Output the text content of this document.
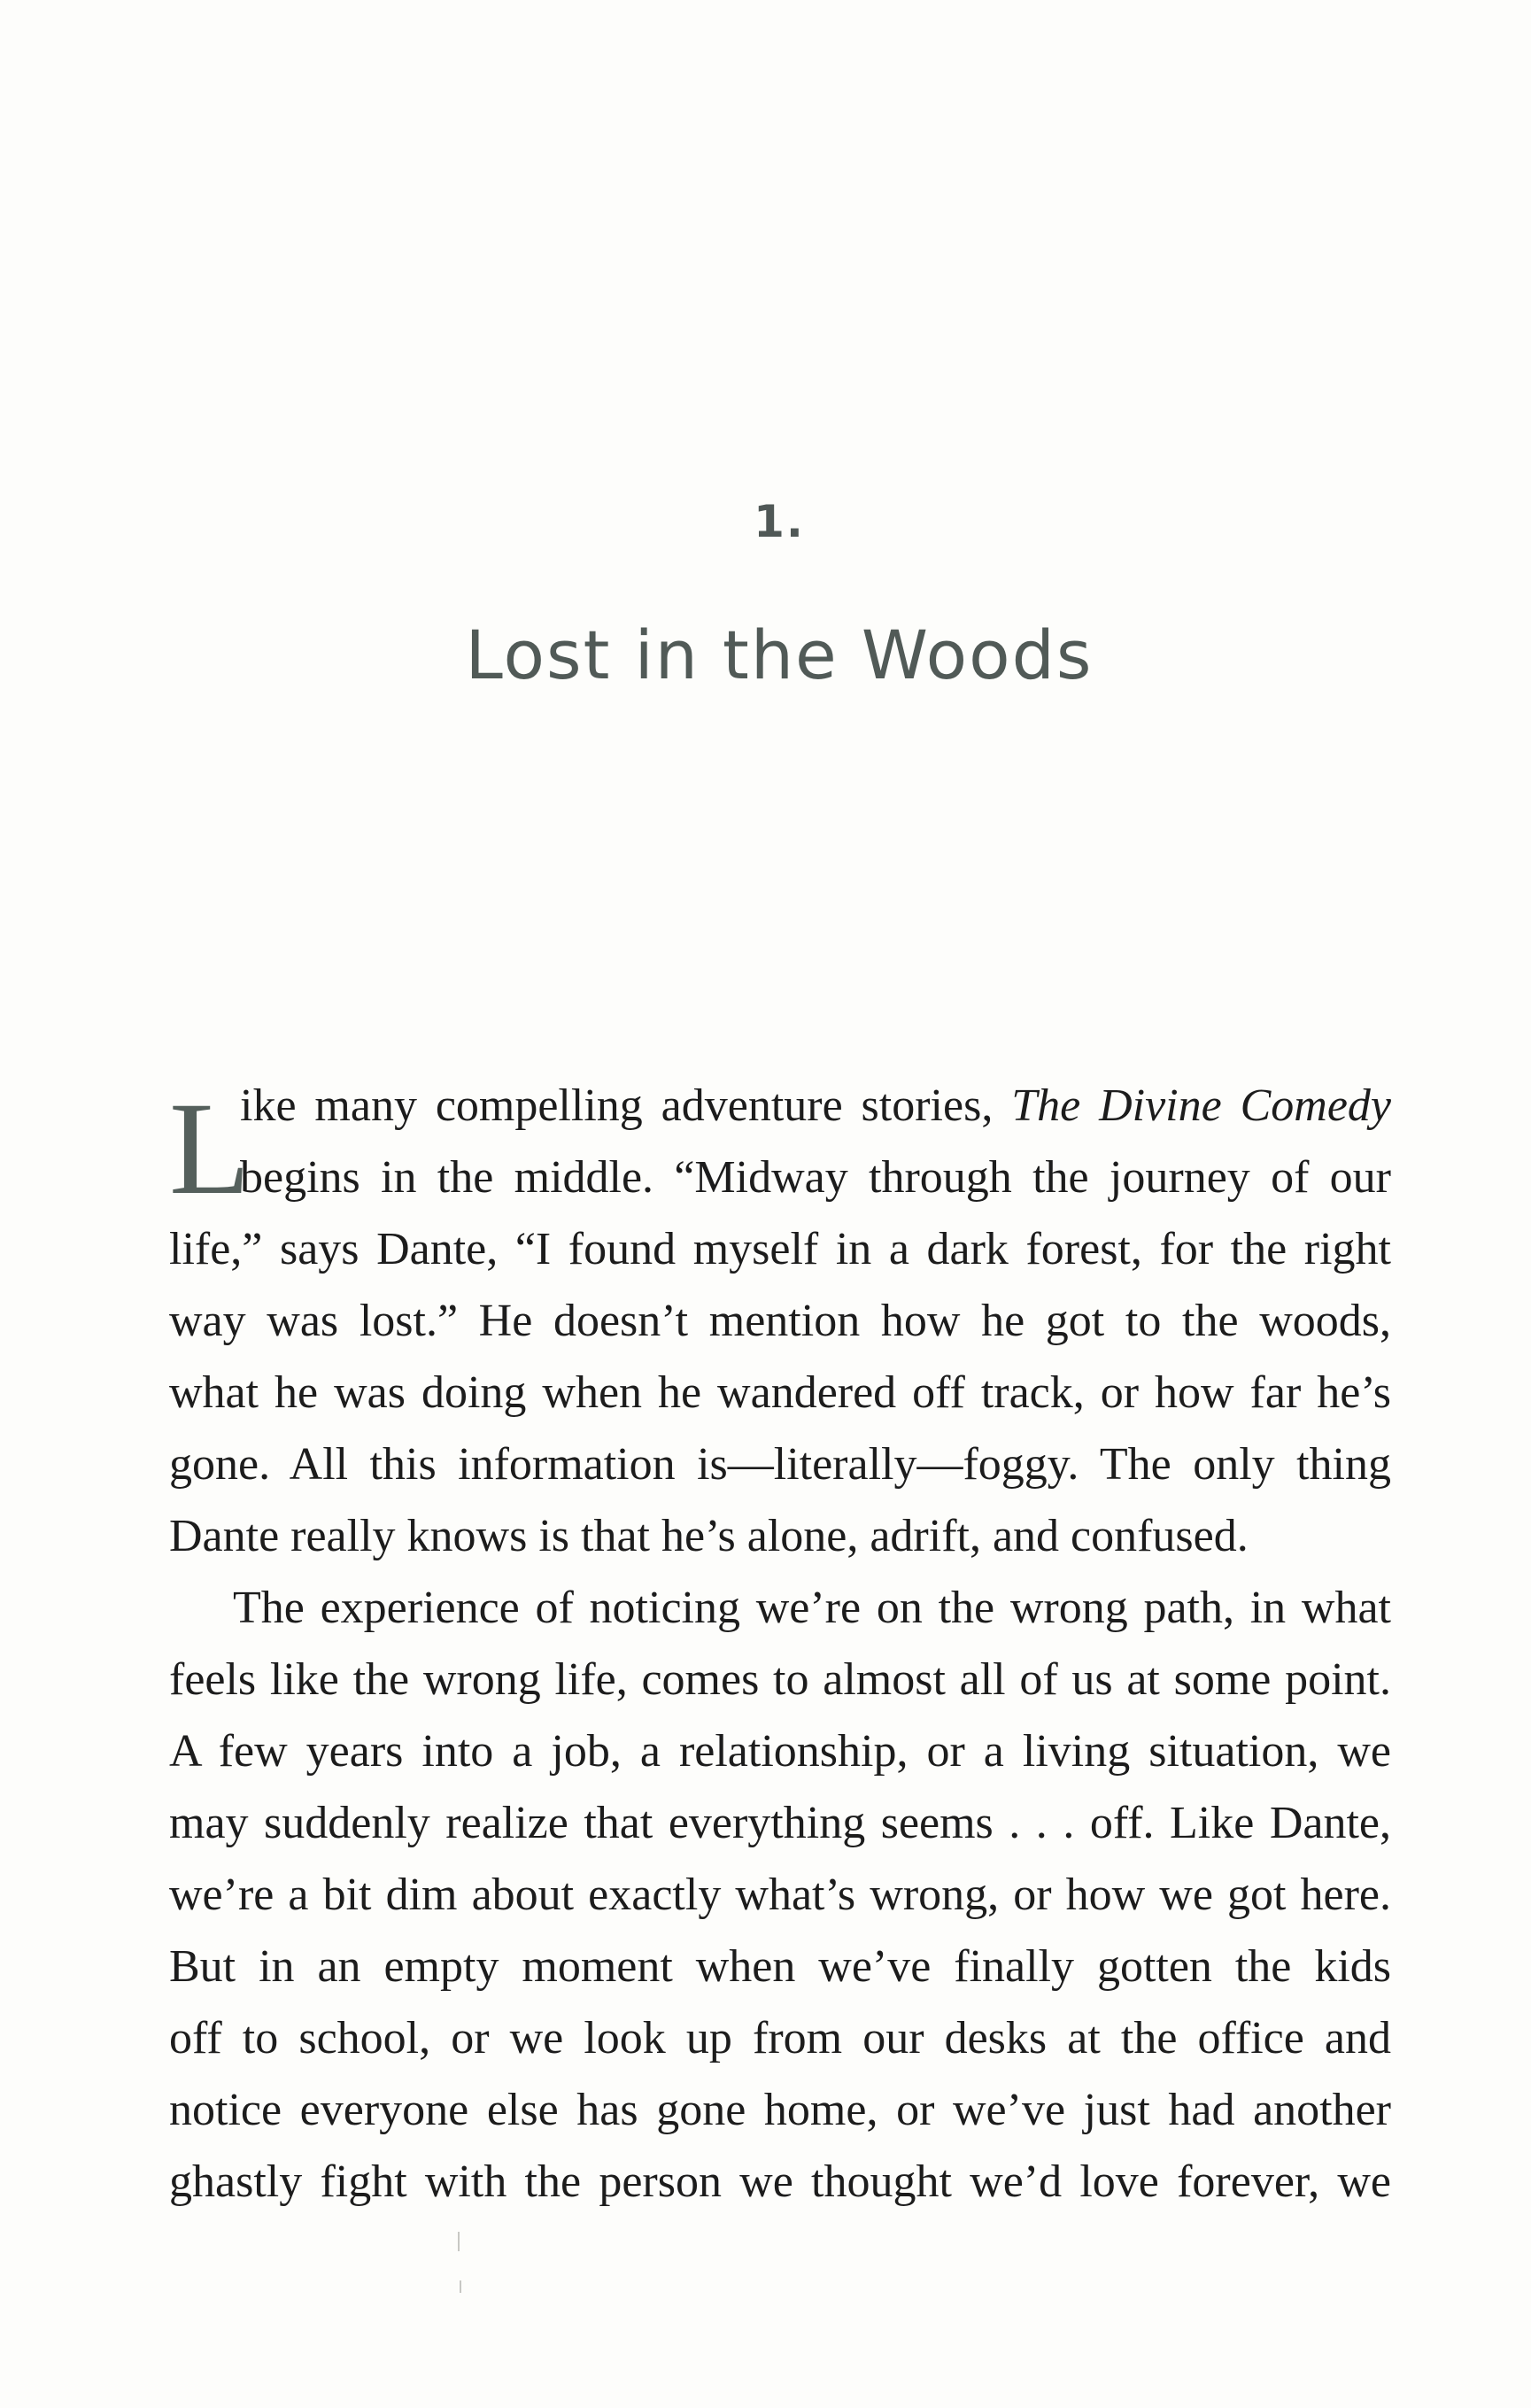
1.
Lost in the Woods
L
ike many compelling adventure stories, The Divine Comedy
begins in the middle. “Midway through the journey of our
life,” says Dante, “I found myself in a dark forest, for the right
way was lost.” He doesn’t mention how he got to the woods,
what he was doing when he wandered off track, or how far he’s
gone. All this information is—literally—foggy. The only thing
Dante really knows is that he’s alone, adrift, and confused.
The experience of noticing we’re on the wrong path, in what
feels like the wrong life, comes to almost all of us at some point.
A few years into a job, a relationship, or a living situation, we
may suddenly realize that everything seems . . . off. Like Dante,
we’re a bit dim about exactly what’s wrong, or how we got here.
But in an empty moment when we’ve finally gotten the kids
off to school, or we look up from our desks at the office and
notice everyone else has gone home, or we’ve just had another
ghastly fight with the person we thought we’d love forever, we
